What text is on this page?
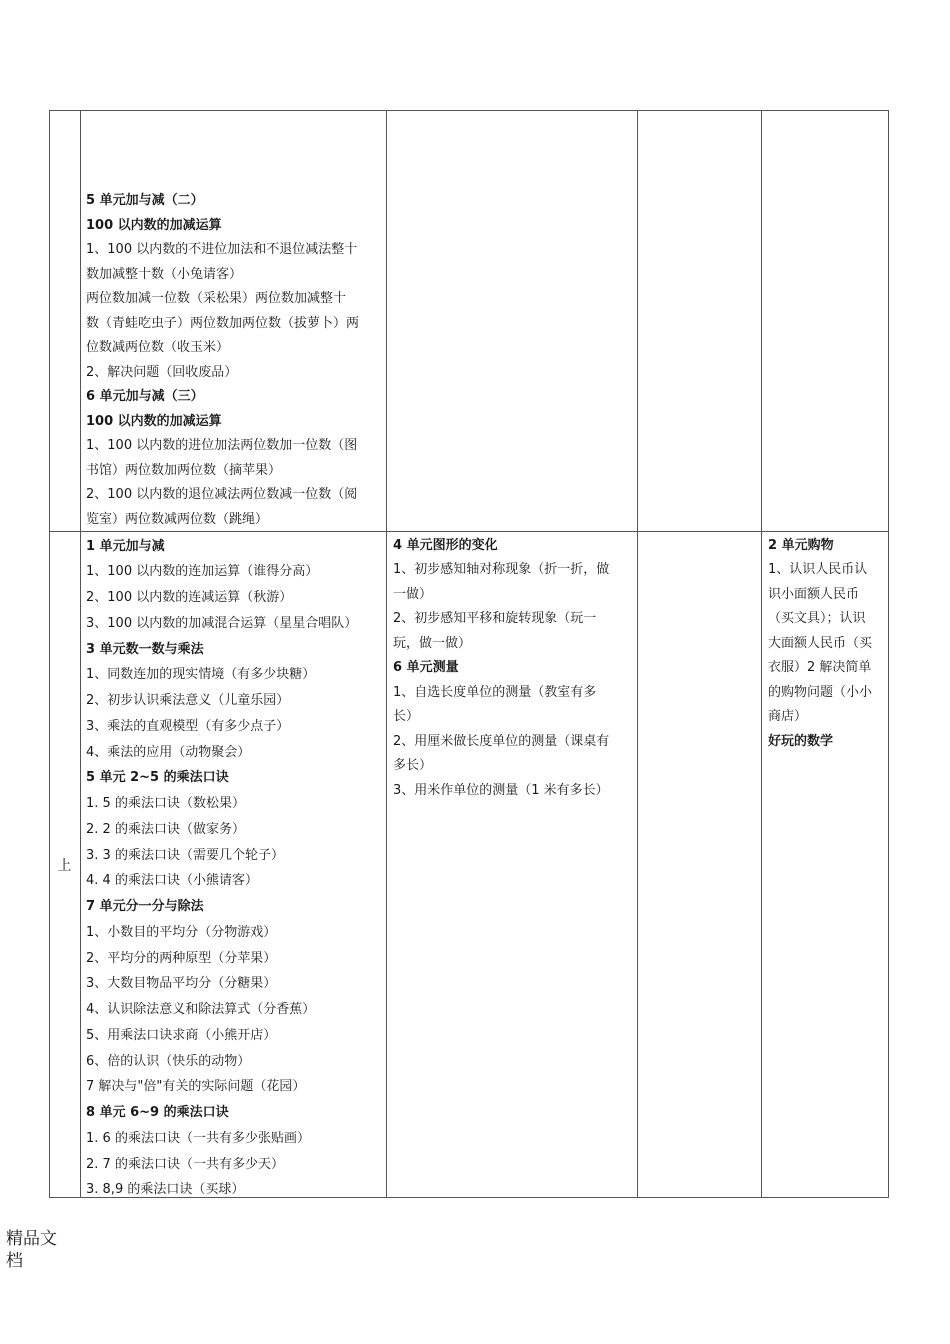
5 单元加与减（二）
100 以内数的加减运算
1、100 以内数的不进位加法和不退位减法整十
数加减整十数（小兔请客）
两位数加减一位数（采松果）两位数加减整十
数（青蛙吃虫子）两位数加两位数（拔萝卜）两
位数减两位数（收玉米）
2、解决问题（回收废品）
6 单元加与减（三）
100 以内数的加减运算
1、100 以内数的进位加法两位数加一位数（图
书馆）两位数加两位数（摘苹果）
2、100 以内数的退位减法两位数减一位数（阅
览室）两位数减两位数（跳绳）
上
1 单元加与减
1、100 以内数的连加运算（谁得分高）
2、100 以内数的连减运算（秋游）
3、100 以内数的加减混合运算（星星合唱队）
3 单元数一数与乘法
1、同数连加的现实情境（有多少块糖）
2、初步认识乘法意义（儿童乐园）
3、乘法的直观模型（有多少点子）
4、乘法的应用（动物聚会）
5 单元 2~5 的乘法口诀
1. 5 的乘法口诀（数松果）
2. 2 的乘法口诀（做家务）
3. 3 的乘法口诀（需要几个轮子）
4. 4 的乘法口诀（小熊请客）
7 单元分一分与除法
1、小数目的平均分（分物游戏）
2、平均分的两种原型（分苹果）
3、大数目物品平均分（分糖果）
4、认识除法意义和除法算式（分香蕉）
5、用乘法口诀求商（小熊开店）
6、倍的认识（快乐的动物）
7 解决与"倍"有关的实际问题（花园）
8 单元 6~9 的乘法口诀
1. 6 的乘法口诀（一共有多少张贴画）
2. 7 的乘法口诀（一共有多少天）
3. 8,9 的乘法口诀（买球）
4 单元图形的变化
1、初步感知轴对称现象（折一折，做
一做）
2、初步感知平移和旋转现象（玩一
玩，做一做）
6 单元测量
1、自选长度单位的测量（教室有多
长）
2、用厘米做长度单位的测量（课桌有
多长）
3、用米作单位的测量（1 米有多长）
2 单元购物
1、认识人民币认
识小面额人民币
（买文具）；认识
大面额人民币（买
衣服）2 解决简单
的购物问题（小小
商店）
好玩的数学
精品文
档
